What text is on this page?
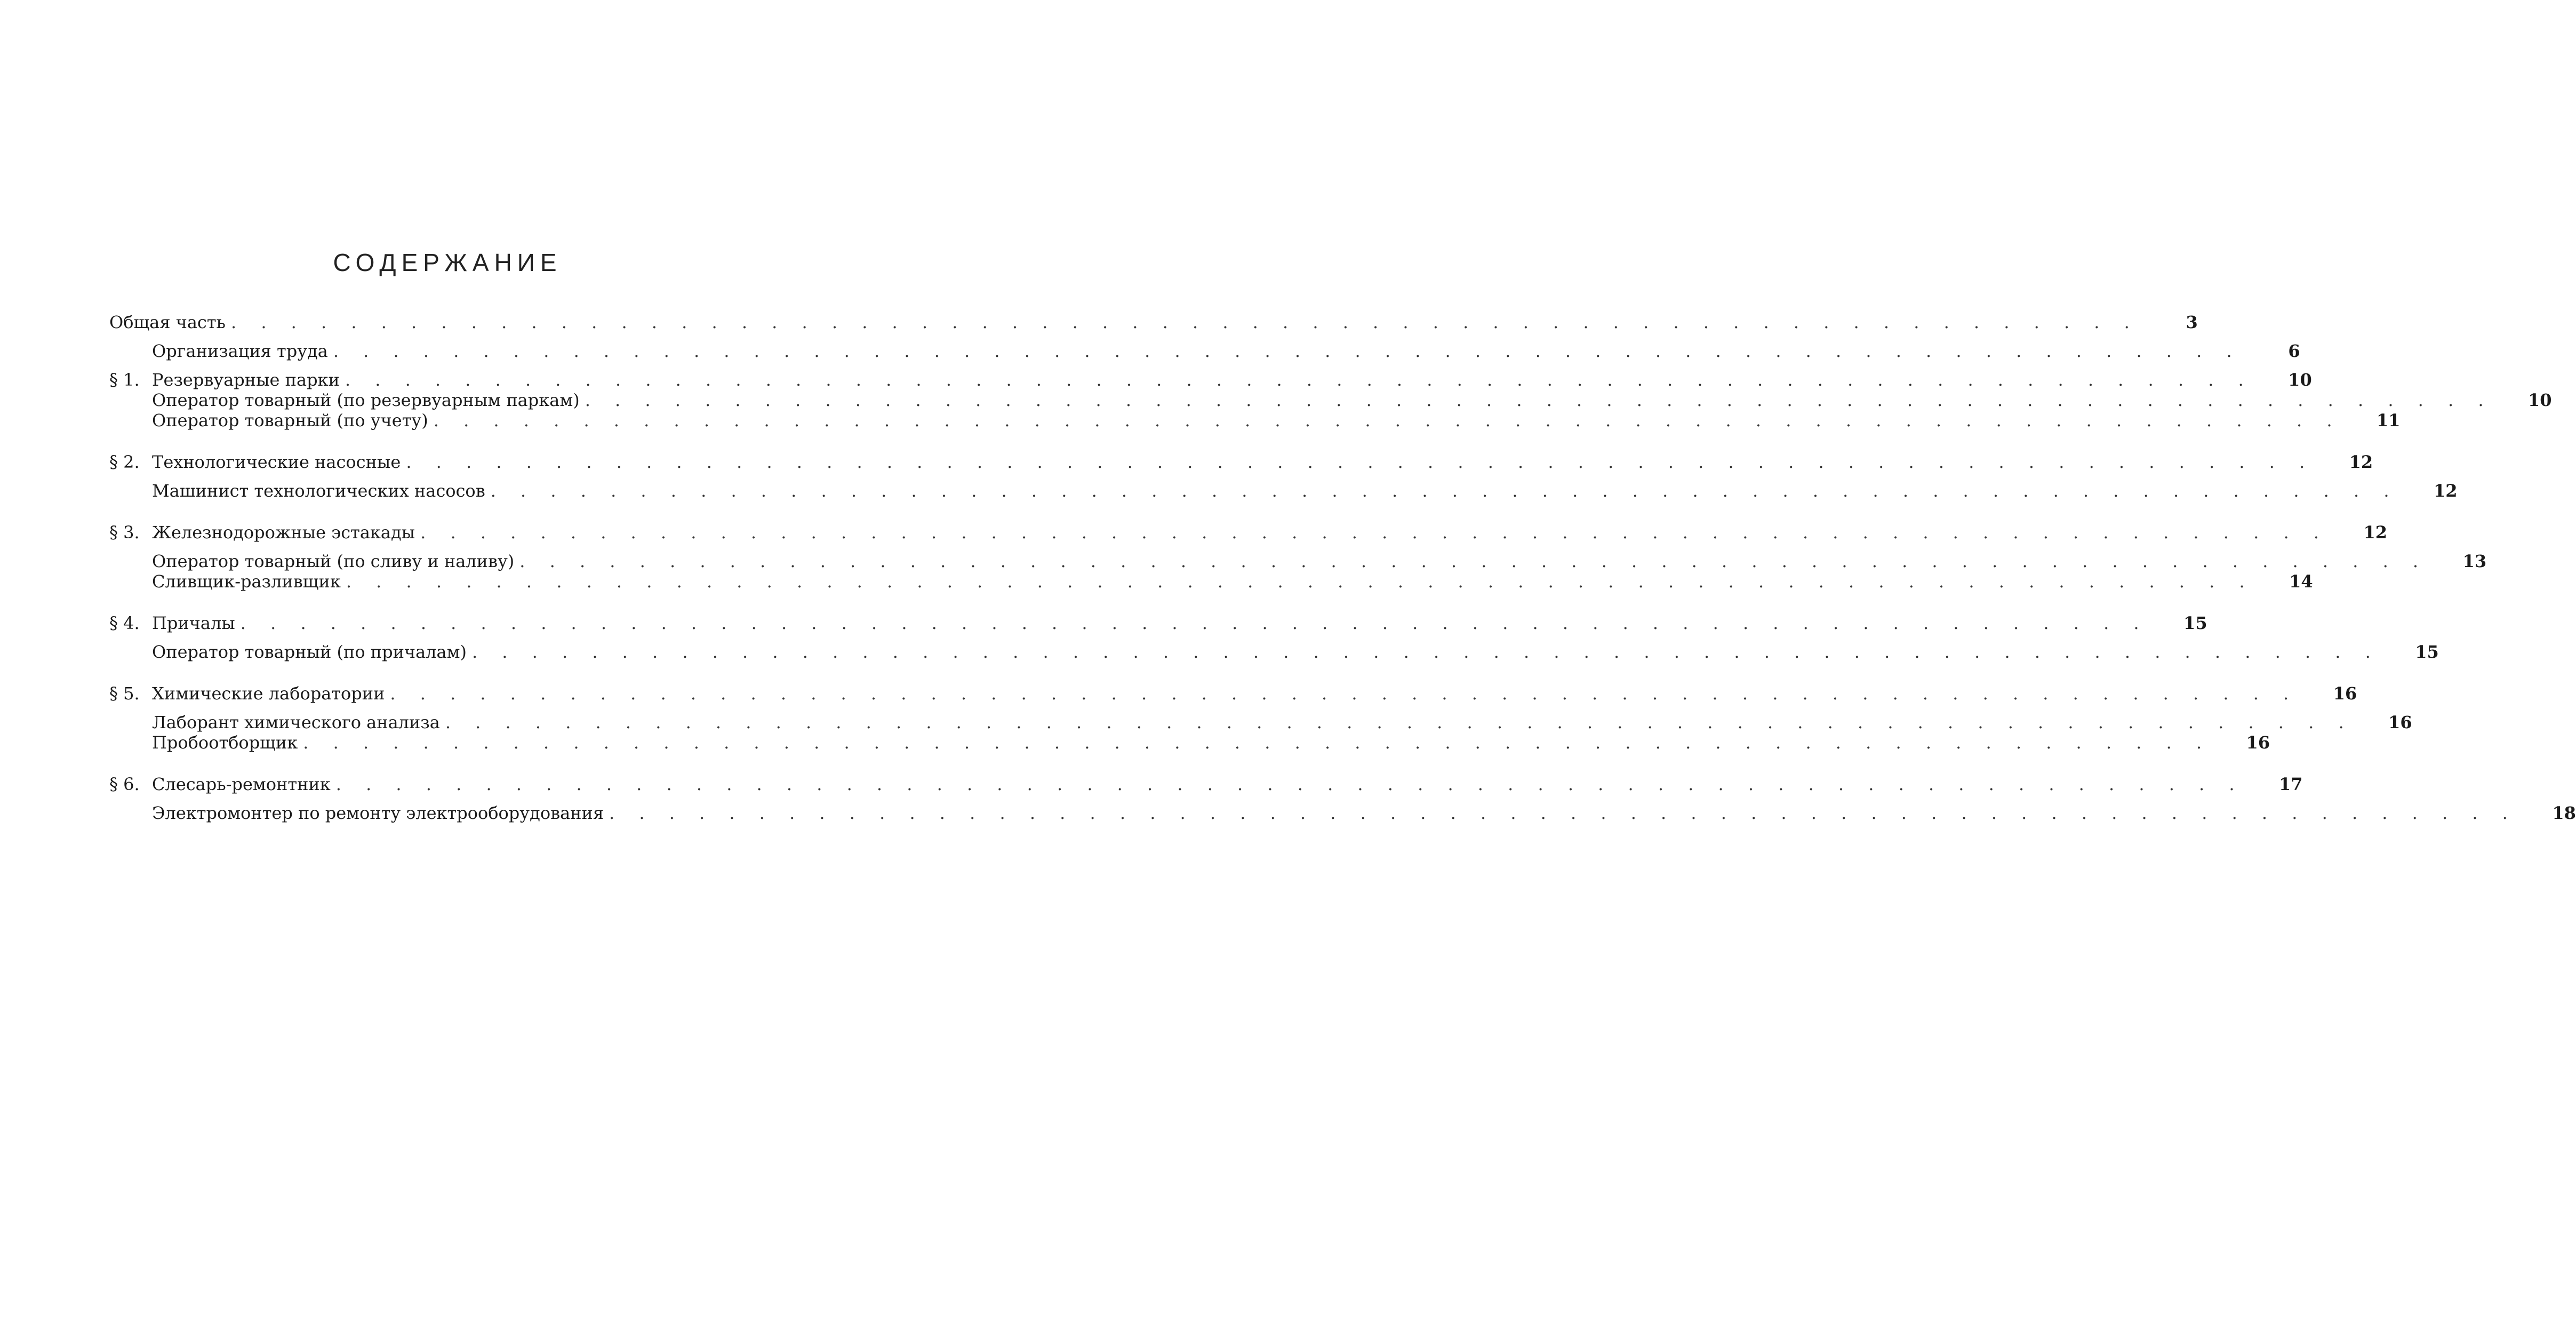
СОДЕРЖАНИЕ
Общая часть . . . . . . . . . . . . . . . . . . . . . . . . . . . . . . . . . . . . . . . . . . . . . . . . . . . . . . . . . . . . . . . .	3
Организация труда . . . . . . . . . . . . . . . . . . . . . . . . . . . . . . . . . . . . . . . . . . . . . . . . . . . . . . . . . . . . . . . .	6
§ 1. Резервуарные парки . . . . . . . . . . . . . . . . . . . . . . . . . . . . . . . . . . . . . . . . . . . . . . . . . . . . . . . . . . . . . . . .	10
Оператор товарный (по резервуарным паркам) . . . . . . . . . . . . . . . . . . . . . . . . . . . . . . . . . . . . . . . . . . . . . . . . . . . . . . . . . . . . . . . .	10
Оператор товарный (по учету) . . . . . . . . . . . . . . . . . . . . . . . . . . . . . . . . . . . . . . . . . . . . . . . . . . . . . . . . . . . . . . . .	11
§ 2. Технологические насосные . . . . . . . . . . . . . . . . . . . . . . . . . . . . . . . . . . . . . . . . . . . . . . . . . . . . . . . . . . . . . . . .	12
Машинист технологических насосов . . . . . . . . . . . . . . . . . . . . . . . . . . . . . . . . . . . . . . . . . . . . . . . . . . . . . . . . . . . . . . . .	12
§ 3. Железнодорожные эстакады . . . . . . . . . . . . . . . . . . . . . . . . . . . . . . . . . . . . . . . . . . . . . . . . . . . . . . . . . . . . . . . .	12
Оператор товарный (по сливу и наливу) . . . . . . . . . . . . . . . . . . . . . . . . . . . . . . . . . . . . . . . . . . . . . . . . . . . . . . . . . . . . . . . .	13
Сливщик-разливщик . . . . . . . . . . . . . . . . . . . . . . . . . . . . . . . . . . . . . . . . . . . . . . . . . . . . . . . . . . . . . . . .	14
§ 4. Причалы . . . . . . . . . . . . . . . . . . . . . . . . . . . . . . . . . . . . . . . . . . . . . . . . . . . . . . . . . . . . . . . .	15
Оператор товарный (по причалам) . . . . . . . . . . . . . . . . . . . . . . . . . . . . . . . . . . . . . . . . . . . . . . . . . . . . . . . . . . . . . . . .	15
§ 5. Химические лаборатории . . . . . . . . . . . . . . . . . . . . . . . . . . . . . . . . . . . . . . . . . . . . . . . . . . . . . . . . . . . . . . . .	16
Лаборант химического анализа . . . . . . . . . . . . . . . . . . . . . . . . . . . . . . . . . . . . . . . . . . . . . . . . . . . . . . . . . . . . . . . .	16
Пробоотборщик . . . . . . . . . . . . . . . . . . . . . . . . . . . . . . . . . . . . . . . . . . . . . . . . . . . . . . . . . . . . . . . .	16
§ 6. Слесарь-ремонтник . . . . . . . . . . . . . . . . . . . . . . . . . . . . . . . . . . . . . . . . . . . . . . . . . . . . . . . . . . . . . . . .	17
Электромонтер по ремонту электрооборудования . . . . . . . . . . . . . . . . . . . . . . . . . . . . . . . . . . . . . . . . . . . . . . . . . . . . . . . . . . . . . . . .	18
